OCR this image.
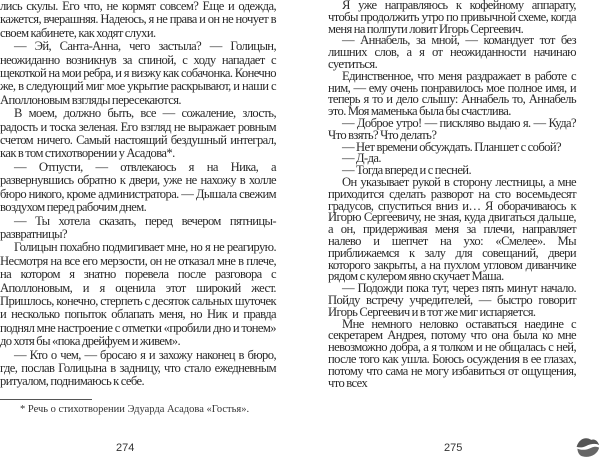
лись скулы. Его что, не кормят совсем? Еще и одежда, кажется, вчерашняя. Надеюсь, я не права и он не ночует в своем кабинете, как ходят слухи.

— Эй, Санта-Анна, чего застыла? — Голицын, неожиданно возникнув за спиной, с ходу нападает с щекоткой на мои ребра, и я визжу как собачонка. Конечно же, в следующий миг мое укрытие раскрывают, и наши с Аполлоновым взгляды пересекаются.

В моем, должно быть, все — сожаление, злость, радость и тоска зеленая. Его взгляд не выражает ровным счетом ничего. Самый настоящий бездушный интеграл, как в том стихотворении у Асадова*.

— Отпусти, — отвлекаюсь я на Ника, а развернувшись обратно к двери, уже не нахожу в холле бюро никого, кроме администратора. — Дышала свежим воздухом перед рабочим днем.

— Ты хотела сказать, перед вечером пятницы-развратницы?

Голицын похабно подмигивает мне, но я не реагирую. Несмотря на все его мерзости, он не отказал мне в плече, на котором я знатно поревела после разговора с Аполлоновым, и я оценила этот широкий жест. Пришлось, конечно, стерпеть с десяток сальных шуточек и несколько попыток облапать меня, но Ник и правда поднял мне настроение с отметки «пробили дно и тонем» до хотя бы «пока дрейфуем и живем».

— Кто о чем, — бросаю я и захожу наконец в бюро, где, послав Голицына в задницу, что стало ежедневным ритуалом, поднимаюсь к себе.

* Речь о стихотворении Эдуарда Асадова «Гостья».
274

Я уже направляюсь к кофейному аппарату, чтобы продолжить утро по привычной схеме, когда меня на полпути ловит Игорь Сергеевич.

— Аннабель, за мной, — командует тот без лишних слов, а я от неожиданности начинаю суетиться.

Единственное, что меня раздражает в работе с ним, — ему очень понравилось мое полное имя, и теперь я то и дело слышу: Аннабель то, Аннабель это. Моя маменька была бы счастлива.

— Доброе утро! — пискляво выдаю я. — Куда? Что взять? Что делать?

— Нет времени обсуждать. Планшет с собой?

— Д-да.

— Тогда вперед и с песней.

Он указывает рукой в сторону лестницы, а мне приходится сделать разворот на сто восемьдесят градусов, спуститься вниз и… Я оборачиваюсь к Игорю Сергеевичу, не зная, куда двигаться дальше, а он, придерживая меня за плечи, направляет налево и шепчет на ухо: «Смелее». Мы приближаемся к залу для совещаний, двери которого закрыты, а на пухлом угловом диванчике рядом с кулером явно скучает Маша.

— Подожди пока тут, через пять минут начало. Пойду встречу учредителей, — быстро говорит Игорь Сергеевич и в тот же миг испаряется.

Мне немного неловко оставаться наедине с секретарем Андрея, потому что она была ко мне невозможно добра, а я толком и не общалась с ней, после того как ушла. Боюсь осуждения в ее глазах, потому что сама не могу избавиться от ощущения, что всех

275
